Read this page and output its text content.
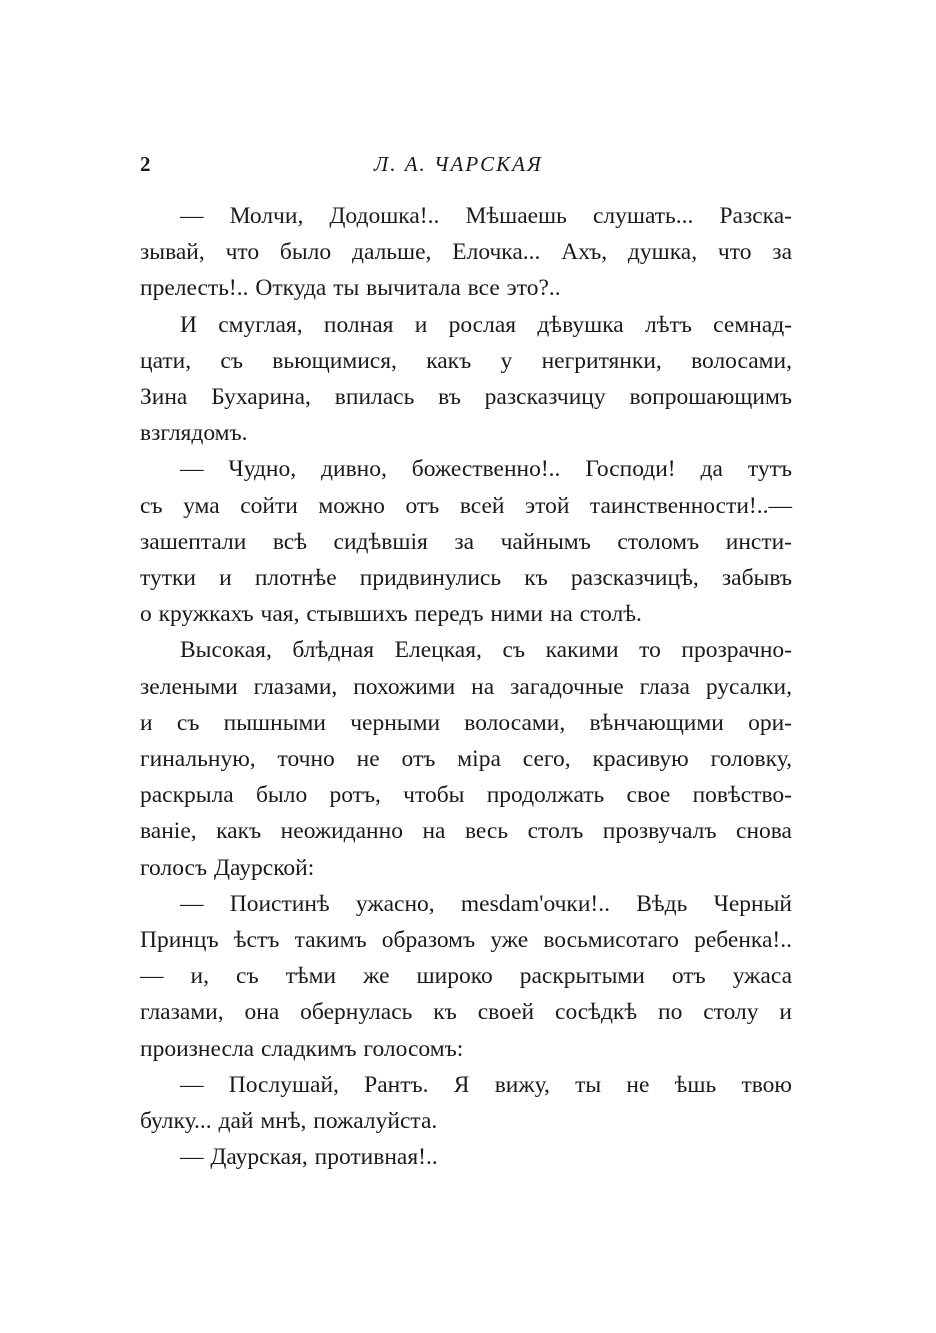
2	Л. А. ЧАРСКАЯ

— Молчи, Додошка!.. Мѣшаешь слушать... Разска-
зывай, что было дальше, Елочка... Ахъ, душка, что за
прелесть!.. Откуда ты вычитала все это?..

И смуглая, полная и рослая дѣвушка лѣтъ семнад-
цати, съ вьющимися, какъ у негритянки, волосами,
Зина Бухарина, впилась въ разсказчицу вопрошающимъ
взглядомъ.

— Чудно, дивно, божественно!.. Господи! да тутъ
съ ума сойти можно отъ всей этой таинственности!..—
зашептали всѣ сидѣвшія за чайнымъ столомъ инсти-
тутки и плотнѣе придвинулись къ разсказчицѣ, забывъ
о кружкахъ чая, стывшихъ передъ ними на столѣ.

Высокая, блѣдная Елецкая, съ какими то прозрачно-
зелеными глазами, похожими на загадочные глаза русалки,
и съ пышными черными волосами, вѣнчающими ори-
гинальную, точно не отъ міра сего, красивую головку,
раскрыла было ротъ, чтобы продолжать свое повѣство-
ваніе, какъ неожиданно на весь столъ прозвучалъ снова
голосъ Даурской:

— Поистинѣ ужасно, mesdam'очки!.. Вѣдь Черный
Принцъ ѣстъ такимъ образомъ уже восьмисотаго ребенка!..
— и, съ тѣми же широко раскрытыми отъ ужаса
глазами, она обернулась къ своей сосѣдкѣ по столу и
произнесла сладкимъ голосомъ:

— Послушай, Рантъ. Я вижу, ты не ѣшь твою
булку... дай мнѣ, пожалуйста.

— Даурская, противная!..
